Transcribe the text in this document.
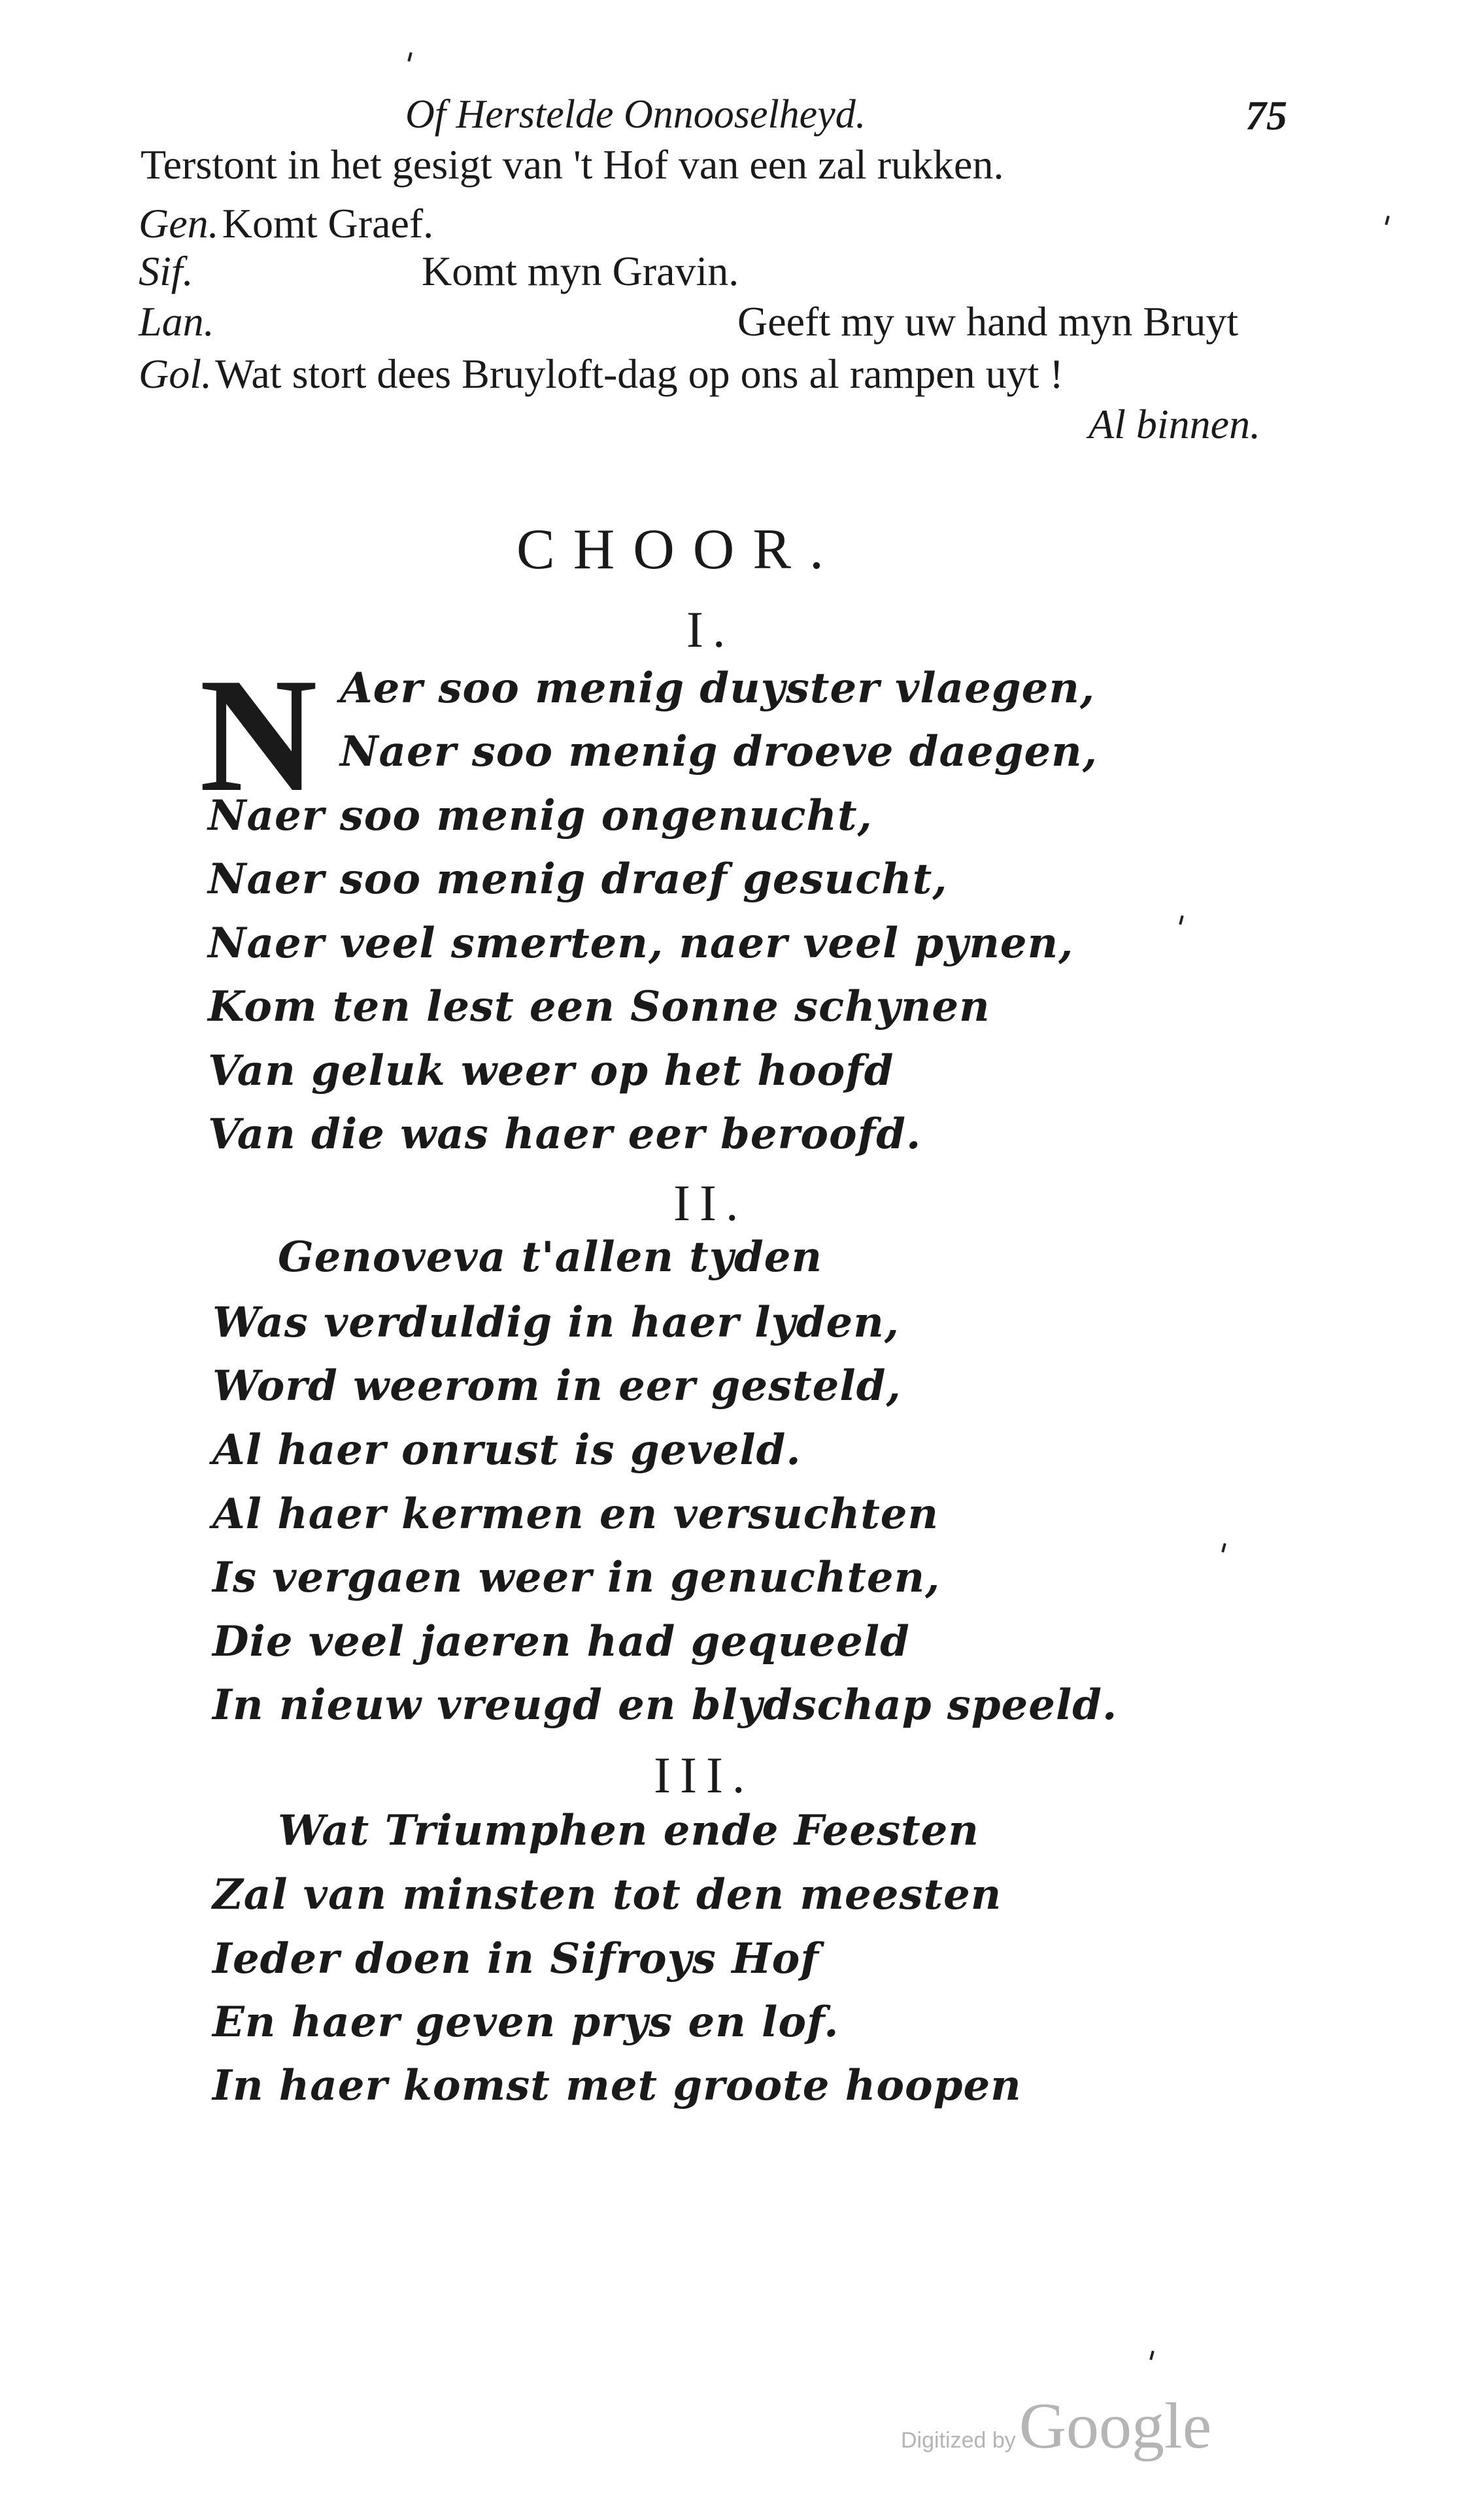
Of Herstelde Onnooselheyd.	75
Terstont in het gesigt van 't Hof van een zal rukken.
Gen. Komt Graef.
Sif.	Komt myn Gravin.
Lan.	Geeft my uw hand myn Bruyt
Gol. Wat stort dees Bruyloft-dag op ons al rampen uyt !
Al binnen.
CHOOR.
I.
N Aer soo menig duyster vlaegen,
Naer soo menig droeve daegen,
Naer soo menig ongenucht,
Naer soo menig draef gesucht,
Naer veel smerten, naer veel pynen,
Kom ten lest een Sonne schynen
Van geluk weer op het hoofd
Van die was haer eer beroofd.
II.
Genoveva t'allen tyden
Was verduldig in haer lyden,
Word weerom in eer gesteld,
Al haer onrust is geveld.
Al haer kermen en versuchten
Is vergaen weer in genuchten,
Die veel jaeren had gequeeld
In nieuw vreugd en blydschap speeld.
III.
Wat Triumphen ende Feesten
Zal van minsten tot den meesten
Ieder doen in Sifroys Hof
En haer geven prys en lof.
In haer komst met groote hoopen
Digitized by Google
